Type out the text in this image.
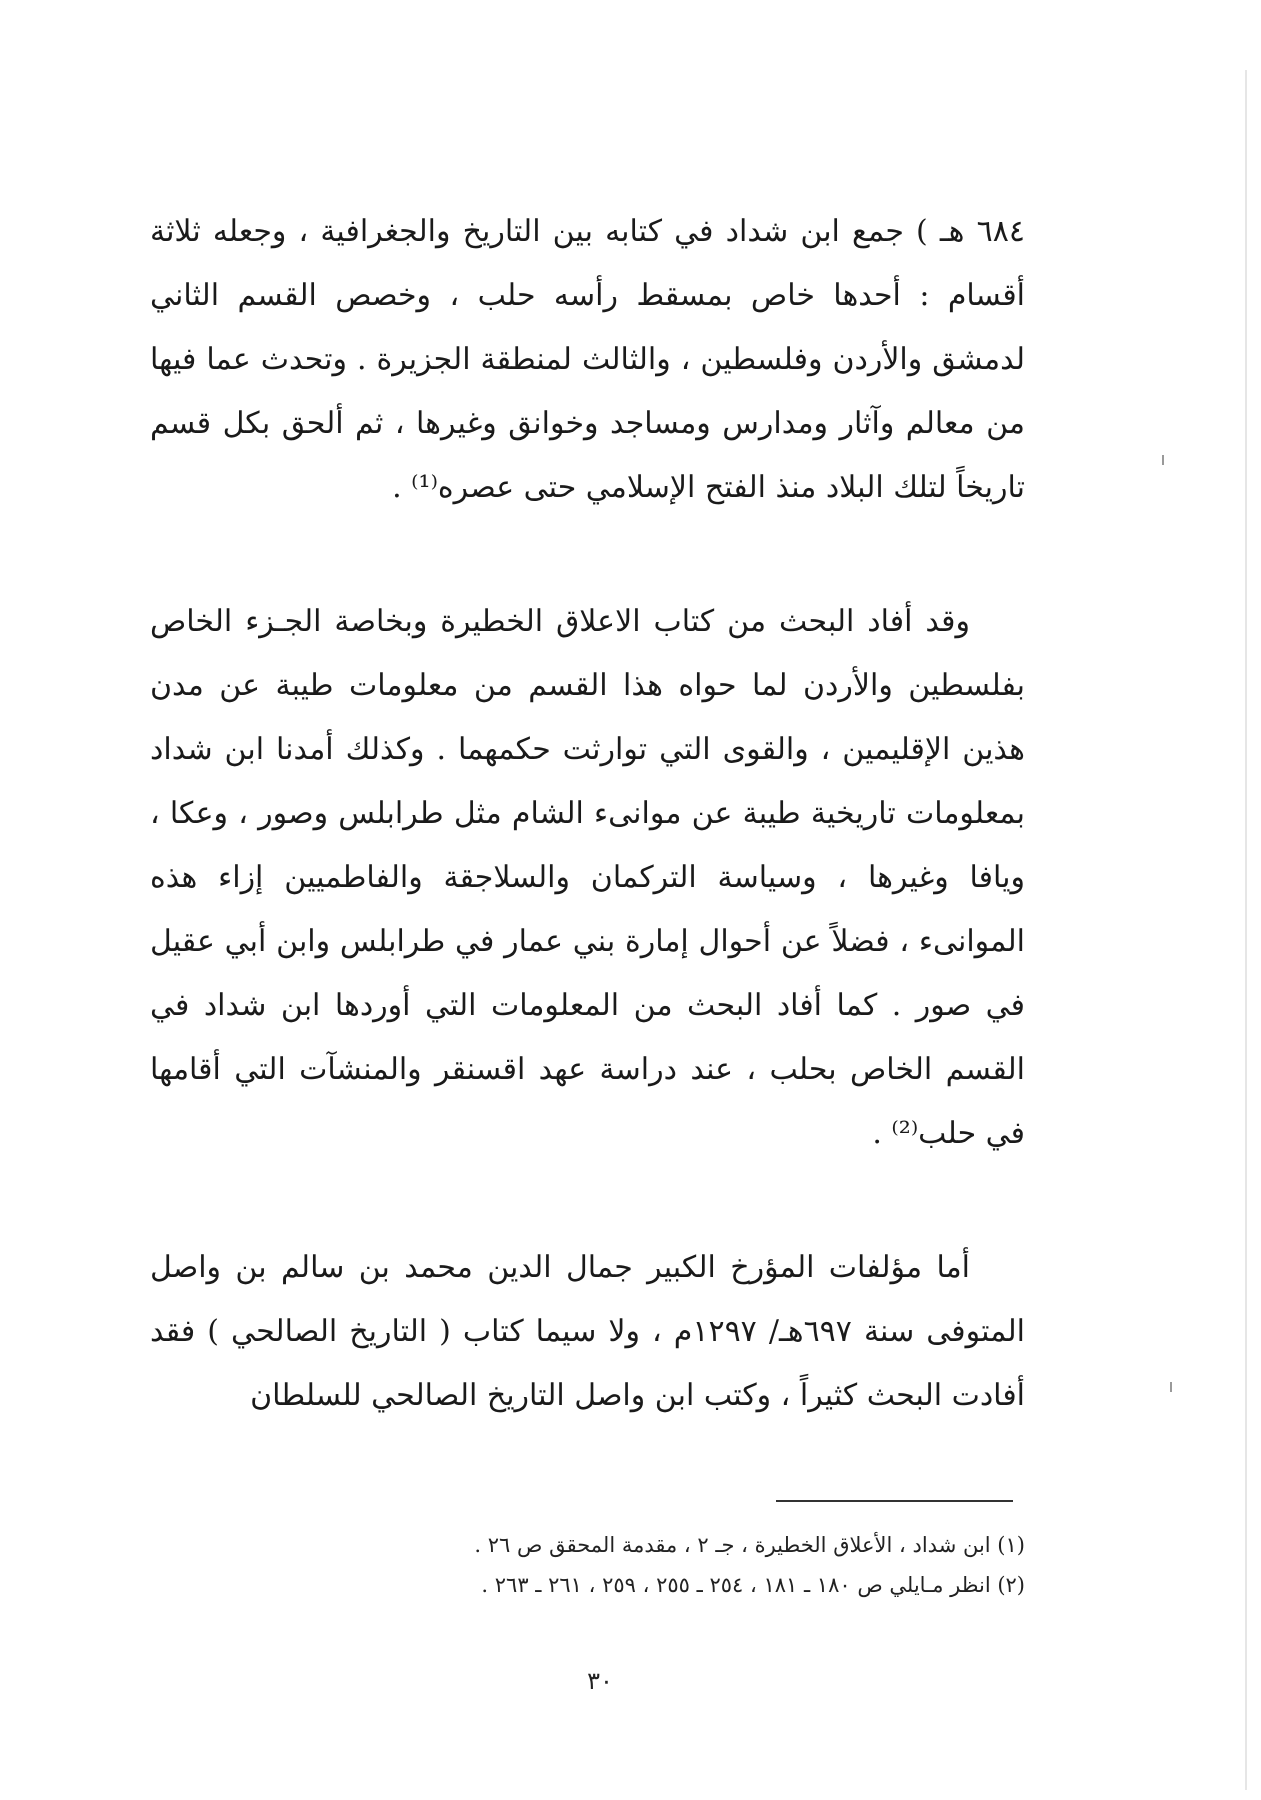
٦٨٤ هـ ) جمع ابن شداد في كتابه بين التاريخ والجغرافية ، وجعله ثلاثة أقسام : أحدها خاص بمسقط رأسه حلب ، وخصص القسم الثاني لدمشق والأردن وفلسطين ، والثالث لمنطقة الجزيرة . وتحدث عما فيها من معالم وآثار ومدارس ومساجد وخوانق وغيرها ، ثم ألحق بكل قسم تاريخاً لتلك البلاد منذ الفتح الإسلامي حتى عصره⁽¹⁾ .

وقد أفاد البحث من كتاب الاعلاق الخطيرة وبخاصة الجـزء الخاص بفلسطين والأردن لما حواه هذا القسم من معلومات طيبة عن مدن هذين الإقليمين ، والقوى التي توارثت حكمهما . وكذلك أمدنا ابن شداد بمعلومات تاريخية طيبة عن موانىء الشام مثل طرابلس وصور ، وعكا ، ويافا وغيرها ، وسياسة التركمان والسلاجقة والفاطميين إزاء هذه الموانىء ، فضلاً عن أحوال إمارة بني عمار في طرابلس وابن أبي عقيل في صور . كما أفاد البحث من المعلومات التي أوردها ابن شداد في القسم الخاص بحلب ، عند دراسة عهد اقسنقر والمنشآت التي أقامها في حلب⁽²⁾ .

أما مؤلفات المؤرخ الكبير جمال الدين محمد بن سالم بن واصل المتوفى سنة ٦٩٧هـ/ ١٢٩٧م ، ولا سيما كتاب ( التاريخ الصالحي ) فقد أفادت البحث كثيراً ، وكتب ابن واصل التاريخ الصالحي للسلطان

(١) ابن شداد ، الأعلاق الخطيرة ، جـ ٢ ، مقدمة المحقق ص ٢٦ .

(٢) انظر مـايلي ص ١٨٠ ـ ١٨١ ، ٢٥٤ ـ ٢٥٥ ، ٢٥٩ ، ٢٦١ ـ ٢٦٣ .

٣٠
